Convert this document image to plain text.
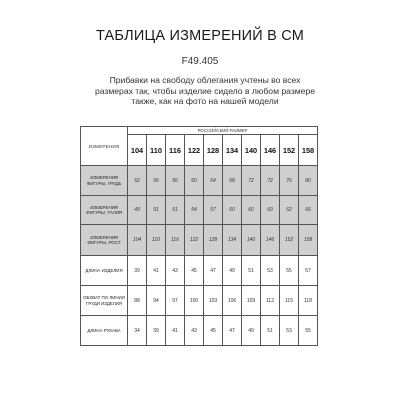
ТАБЛИЦА ИЗМЕРЕНИЙ В СМ
F49.405
Прибавки на свободу облегания учтены во всех размерах так, чтобы изделие сидело в любом размере также, как на фото на нашей модели
ИЗМЕРЕНИЯ	РОССИЙСКИЙ РАЗМЕР									
	104	110	116	122	128	134	140	146	152	158
ИЗМЕРЕНИЯ ФИГУРЫ, ГРУДЬ	52	56	56	60	64	68	72	72	76	80
ИЗМЕРЕНИЯ ФИГУРЫ, ТАЛИЯ	49	51	51	54	57	60	60	60	62	66
ИЗМЕРЕНИЯ ФИГУРЫ, РОСТ	104	110	116	122	128	134	140	146	152	158
ДЛИНА ИЗДЕЛИЯ	39	41	43	45	47	49	51	53	55	57
ОБХВАТ ПО ЛИНИИ ГРУДИ ИЗДЕЛИЯ	88	94	97	100	103	106	109	112	115	118
ДЛИНА РУКАВА	34	39	41	43	45	47	49	51	53	55
